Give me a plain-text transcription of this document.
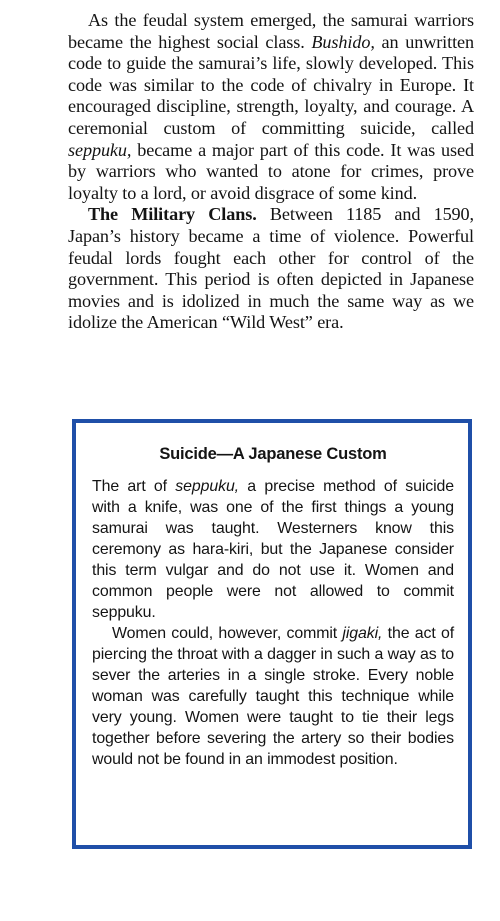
As the feudal system emerged, the samurai warriors became the highest social class. Bushido, an unwritten code to guide the samurai’s life, slowly developed. This code was similar to the code of chivalry in Europe. It encouraged discipline, strength, loyalty, and courage. A ceremonial custom of committing suicide, called seppuku, became a major part of this code. It was used by warriors who wanted to atone for crimes, prove loyalty to a lord, or avoid disgrace of some kind.

The Military Clans. Between 1185 and 1590, Japan’s history became a time of violence. Powerful feudal lords fought each other for control of the government. This period is often depicted in Japanese movies and is idolized in much the same way as we idolize the American “Wild West” era.

Suicide—A Japanese Custom

The art of seppuku, a precise method of suicide with a knife, was one of the first things a young samurai was taught. Westerners know this ceremony as hara-kiri, but the Japanese consider this term vulgar and do not use it. Women and common people were not allowed to commit seppuku.

Women could, however, commit jigaki, the act of piercing the throat with a dagger in such a way as to sever the arteries in a single stroke. Every noble woman was carefully taught this technique while very young. Women were taught to tie their legs together before severing the artery so their bodies would not be found in an immodest position.
